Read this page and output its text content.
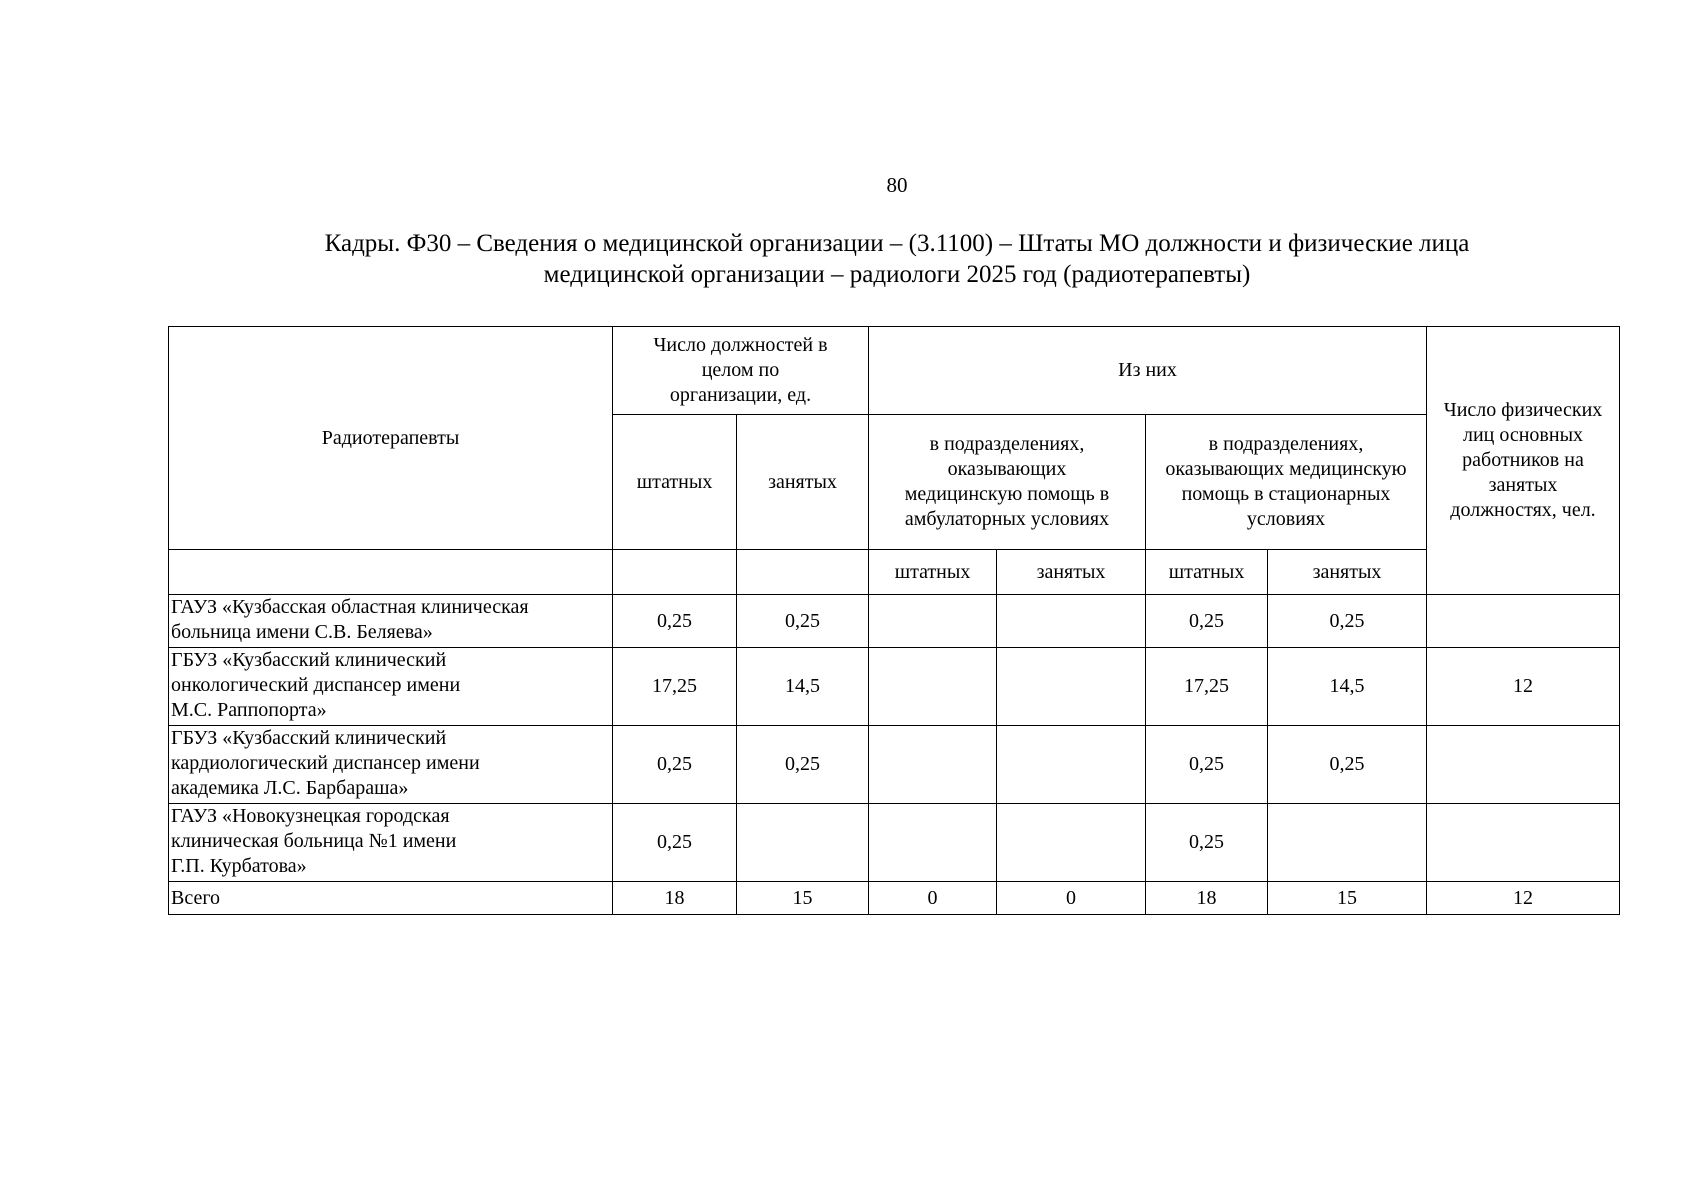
80
Кадры. Ф30 – Сведения о медицинской организации – (3.1100) – Штаты МО должности и физические лица
медицинской организации – радиологи 2025 год (радиотерапевты)
Радиотерапевты	Число должностей в
целом по
организации, ед.		Из них				Число физических
лиц основных
работников на
занятых
должностях, чел.

	штатных	занятых	в подразделениях,
оказывающих
медицинскую помощь в
амбулаторных условиях		в подразделениях,
оказывающих медицинскую
помощь в стационарных
условиях		

			штатных	занятых	штатных	занятых	

ГАУЗ «Кузбасская областная клиническая
больница имени С.В. Беляева»	0,25	0,25			0,25	0,25	

ГБУЗ «Кузбасский клинический
онкологический диспансер имени
М.С. Раппопорта»	17,25	14,5			17,25	14,5	12

ГБУЗ «Кузбасский клинический
кардиологический диспансер имени
академика Л.С. Барбараша»	0,25	0,25			0,25	0,25	

ГАУЗ «Новокузнецкая городская
клиническая больница №1 имени
Г.П. Курбатова»	0,25				0,25		
Всего	18	15	0	0	18	15	12
